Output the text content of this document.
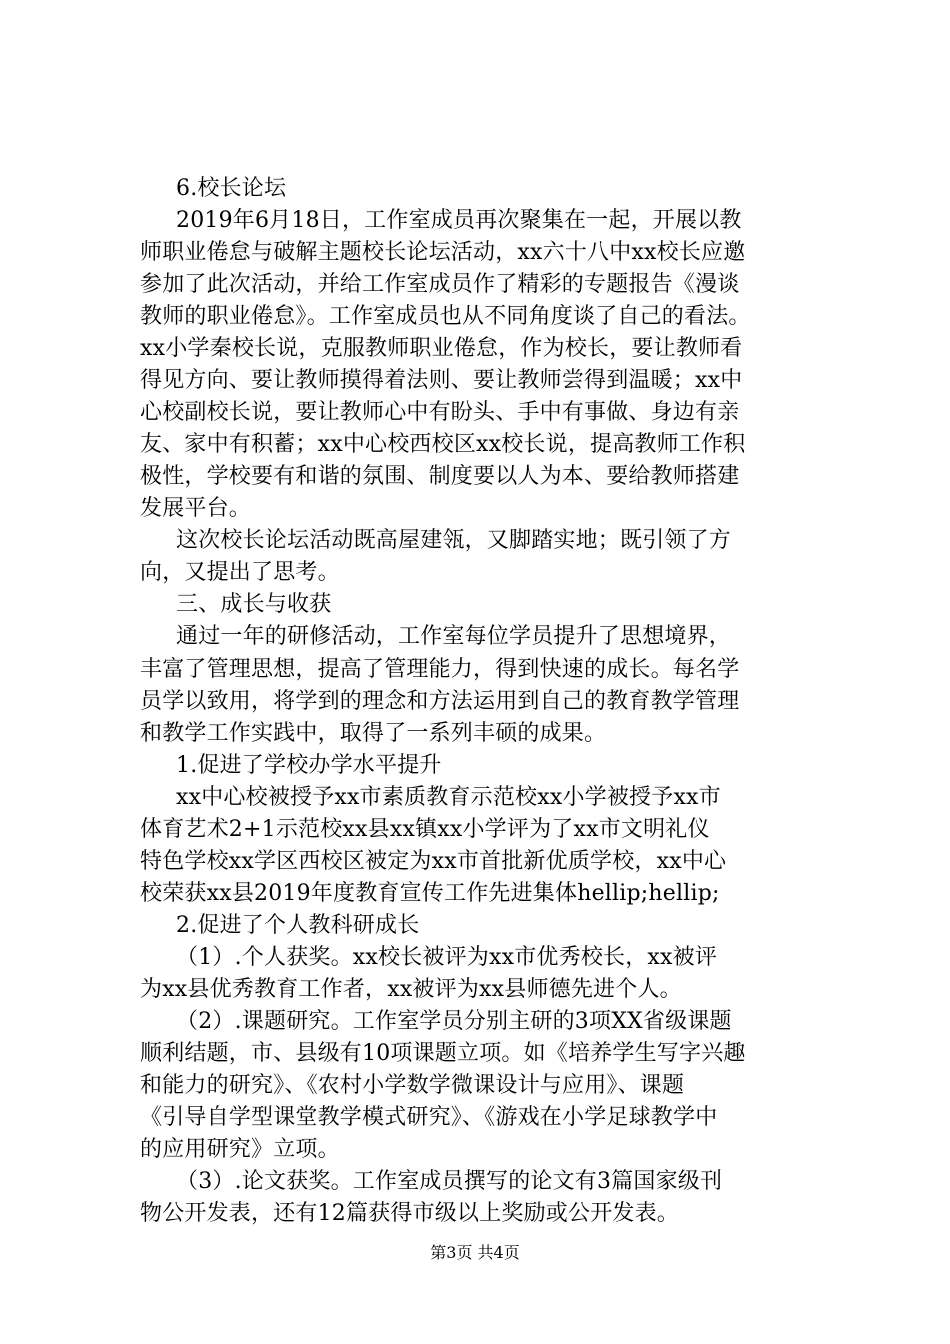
6.校长论坛
2019年6月18日，工作室成员再次聚集在一起，开展以教
师职业倦怠与破解主题校长论坛活动，xx六十八中xx校长应邀
参加了此次活动，并给工作室成员作了精彩的专题报告《漫谈
教师的职业倦怠》。工作室成员也从不同角度谈了自己的看法。
xx小学秦校长说，克服教师职业倦怠，作为校长，要让教师看
得见方向、要让教师摸得着法则、要让教师尝得到温暖；xx中
心校副校长说，要让教师心中有盼头、手中有事做、身边有亲
友、家中有积蓄；xx中心校西校区xx校长说，提高教师工作积
极性，学校要有和谐的氛围、制度要以人为本、要给教师搭建
发展平台。
这次校长论坛活动既高屋建瓴，又脚踏实地；既引领了方
向，又提出了思考。
三、成长与收获
通过一年的研修活动，工作室每位学员提升了思想境界，
丰富了管理思想，提高了管理能力，得到快速的成长。每名学
员学以致用，将学到的理念和方法运用到自己的教育教学管理
和教学工作实践中，取得了一系列丰硕的成果。
1.促进了学校办学水平提升
xx中心校被授予xx市素质教育示范校xx小学被授予xx市
体育艺术2+1示范校xx县xx镇xx小学评为了xx市文明礼仪
特色学校xx学区西校区被定为xx市首批新优质学校，xx中心
校荣获xx县2019年度教育宣传工作先进集体hellip;hellip;
2.促进了个人教科研成长
（1）.个人获奖。xx校长被评为xx市优秀校长，xx被评
为xx县优秀教育工作者，xx被评为xx县师德先进个人。
（2）.课题研究。工作室学员分别主研的3项XX省级课题
顺利结题，市、县级有10项课题立项。如《培养学生写字兴趣
和能力的研究》、《农村小学数学微课设计与应用》、课题
《引导自学型课堂教学模式研究》、《游戏在小学足球教学中
的应用研究》立项。
（3）.论文获奖。工作室成员撰写的论文有3篇国家级刊
物公开发表，还有12篇获得市级以上奖励或公开发表。
第3页 共4页
